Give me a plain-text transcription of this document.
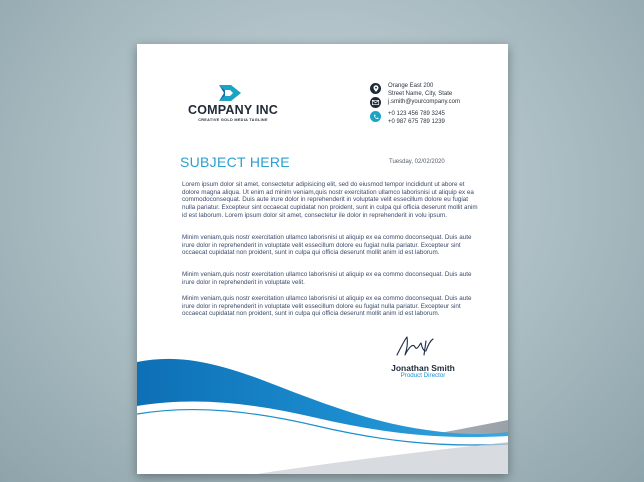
COMPANY INC
CREATIVE GOLD MEDIA TAGLINE
Orange East 200
Street Name, City, State
j.smith@yourcompany.com
+0 123 456 789 3245
+0 987 675 789 1239
SUBJECT HERE	Tuesday, 02/02/2020

Lorem ipsum dolor sit amet, consectetur adipisicing elit, sed do eiusmod tempor incididunt ut abore et dolore magna aliqua. Ut enim ad minim veniam,quis nostr exercitation ullamco laborisnisi ut aliquip ex ea commodoconsequat. Duis aute irure dolor in reprehenderit in voluptate velit essecillum dolore eu fugiat nulla pariatur. Excepteur sint occaecat cupidatat non proident, sunt in culpa qui officia deserunt mollit anim id est laborum. Lorem ipsum dolor sit amet, consectetur ile dolor in reprehenderit in volu ipsum.

Minim veniam,quis nostr exercitation ullamco laborisnisi ut aliquip ex ea commo doconsequat. Duis aute irure dolor in reprehenderit in voluptate velit essecillum dolore eu fugiat nulla pariatur. Excepteur sint occaecat cupidatat non proident, sunt in culpa qui officia deserunt mollit anim id est laborum.

Minim veniam,quis nostr exercitation ullamco laborisnisi ut aliquip ex ea commo doconsequat. Duis aute irure dolor in reprehenderit in voluptate velit.

Minim veniam,quis nostr exercitation ullamco laborisnisi ut aliquip ex ea commo doconsequat. Duis aute irure dolor in reprehenderit in voluptate velit essecillum dolore eu fugiat nulla pariatur. Excepteur sint occaecat cupidatat non proident, sunt in culpa qui officia deserunt mollit anim id est laborum.

Jonathan Smith
Product Director
